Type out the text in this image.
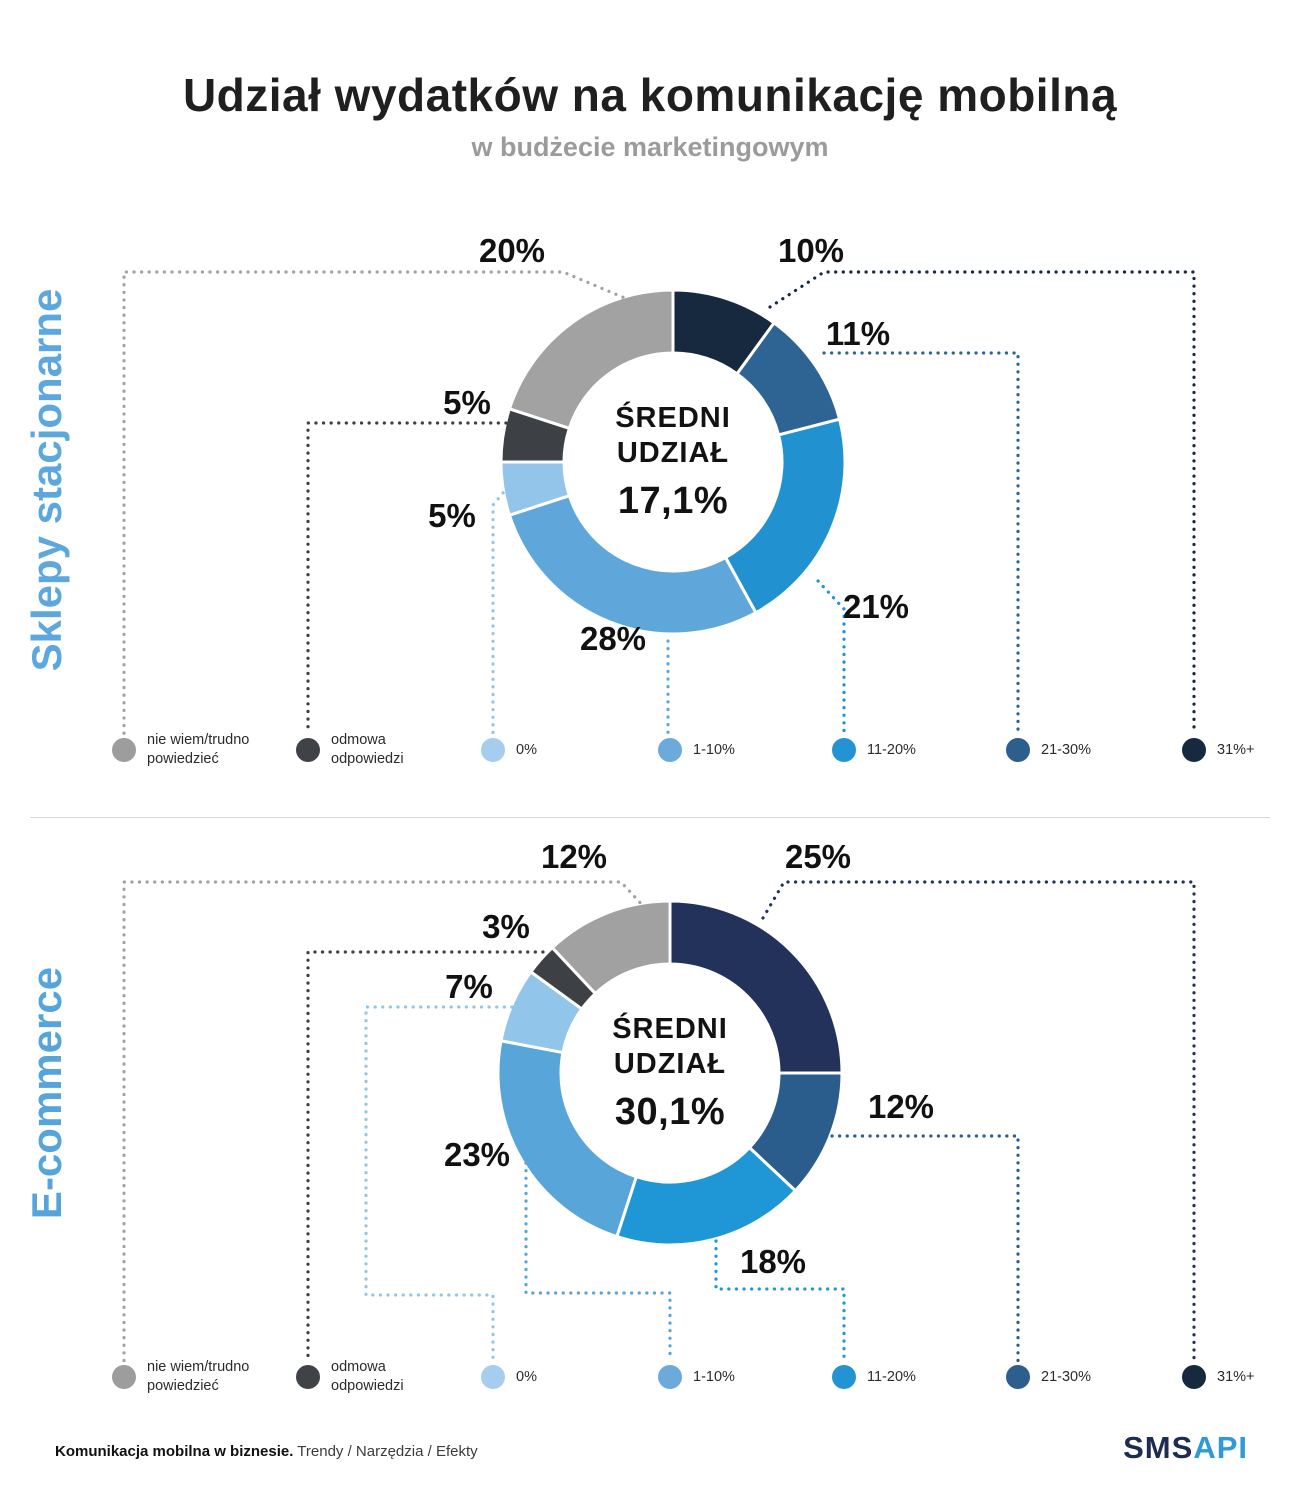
Udział wydatków na komunikację mobilną
w budżecie marketingowym
Sklepy stacjonarne
E-commerce
ŚREDNI
UDZIAŁ
17,1%
ŚREDNI
UDZIAŁ
30,1%
Komunikacja mobilna w biznesie. Trendy / Narzędzia / Efekty	SMSAPI
10%
11%
21%
28%
5%
5%
20%
nie wiem/trudno
powiedzieć
odmowa
odpowiedzi
0%	1-10%	11-20%	21-30%	31%+
25%
12%
18%
23%
7%
3%
12%
nie wiem/trudno
powiedzieć
odmowa
odpowiedzi
0%	1-10%	11-20%	21-30%	31%+
